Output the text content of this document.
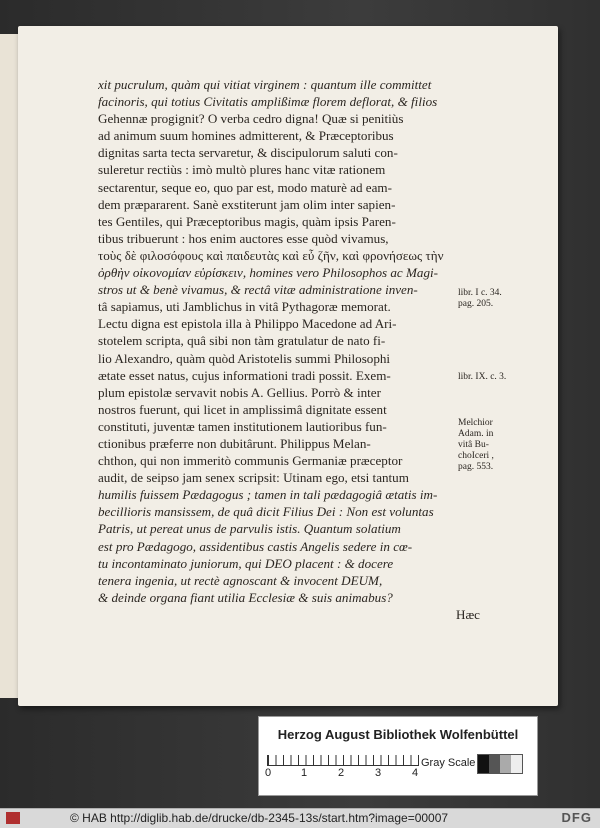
xit pucrulum, quàm qui vitiat virginem : quantum ille committet
facinoris, qui totius Civitatis amplißimæ florem deflorat, & filios
Gehennæ progignit? O verba cedro digna! Quæ si penitiùs
ad animum suum homines admitterent, & Præceptoribus
dignitas sarta tecta servaretur, & discipulorum saluti con-
suleretur rectiùs : imò multò plures hanc vitæ rationem
sectarentur, seque eo, quo par est, modo maturè ad eam-
dem præpararent. Sanè exstiterunt jam olim inter sapien-
tes Gentiles, qui Præceptoribus magis, quàm ipsis Paren-
tibus tribuerunt : hos enim auctores esse quòd vivamus,
τοὺς δὲ φιλοσόφους καὶ παιδευτὰς καὶ εὖ ζῆν, καὶ φρονήσεως τὴν
ὀρθὴν οἰκονομίαν εὑρίσκειν, homines vero Philosophos ac Magi-
stros ut & benè vivamus, & rectâ vitæ administratione inven-
tâ sapiamus, uti Jamblichus in vitâ Pythagoræ memorat.
Lectu digna est epistola illa à Philippo Macedone ad Ari-
stotelem scripta, quâ sibi non tàm gratulatur de nato fi-
lio Alexandro, quàm quòd Aristotelis summi Philosophi
ætate esset natus, cujus informationi tradi possit. Exem-
plum epistolæ servavit nobis A. Gellius. Porrò & inter
nostros fuerunt, qui licet in amplissimâ dignitate essent
constituti, juventæ tamen institutionem lautioribus fun-
ctionibus præferre non dubitârunt. Philippus Melan-
chthon, qui non immeritò communis Germaniæ præceptor
audit, de seipso jam senex scripsit: Utinam ego, etsi tantum
humilis fuissem Pædagogus ; tamen in tali pædagogiâ ætatis im-
becillioris mansissem, de quâ dicit Filius Dei : Non est voluntas
Patris, ut pereat unus de parvulis istis. Quantum solatium
est pro Pædagogo, assidentibus castis Angelis sedere in cœ-
tu incontaminato juniorum, qui DEO placent : & docere
tenera ingenia, ut rectè agnoscant & invocent DEUM,
& deinde organa fiant utilia Ecclesiæ & suis animabus?
Hæc
libr. I c. 34.
pag. 205.
libr. IX. c. 3.
Melchior
Adam. in
vitâ Bu-
choIceri ,
pag. 553.
Herzog August Bibliothek Wolfenbüttel
0	1	2	3	4
Gray Scale
© HAB http://diglib.hab.de/drucke/db-2345-13s/start.htm?image=00007	DFG
